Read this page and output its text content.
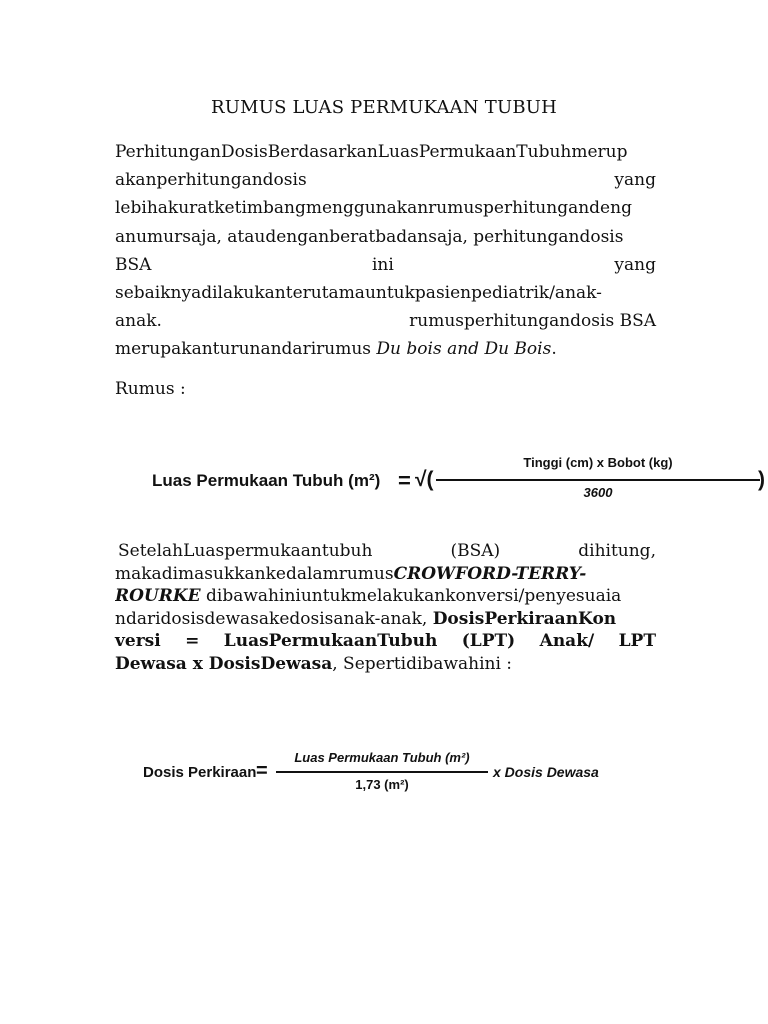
RUMUS LUAS PERMUKAAN TUBUH
PerhitunganDosisBerdasarkanLuasPermukaanTubuhmerup
akanperhitungandosis	yang
lebihakuratketimbangmenggunakanrumusperhitungandeng
anumursaja, ataudenganberatbadansaja, perhitungandosis
BSA	ini	yang
sebaiknyadilakukanterutamauntukpasienpediatrik/anak-
anak.	rumusperhitungandosis BSA
merupakanturunandarirumus Du bois and Du Bois.
Rumus :
Luas Permukaan Tubuh (m²) = √(
Tinggi (cm) x Bobot (kg)
3600
)
SetelahLuaspermukaantubuh	(BSA)	dihitung,
makadimasukkankedalamrumusCROWFORD-TERRY-
ROURKE dibawahiniuntukmelakukankonversi/penyesuaia
ndaridosisdewasakedosisanak-anak, DosisPerkiraanKon
versi = LuasPermukaanTubuh (LPT) Anak/ LPT
Dewasa x DosisDewasa, Sepertidibawahini :
Dosis Perkiraan =
Luas Permukaan Tubuh (m²)
1,73 (m²)
x Dosis Dewasa
